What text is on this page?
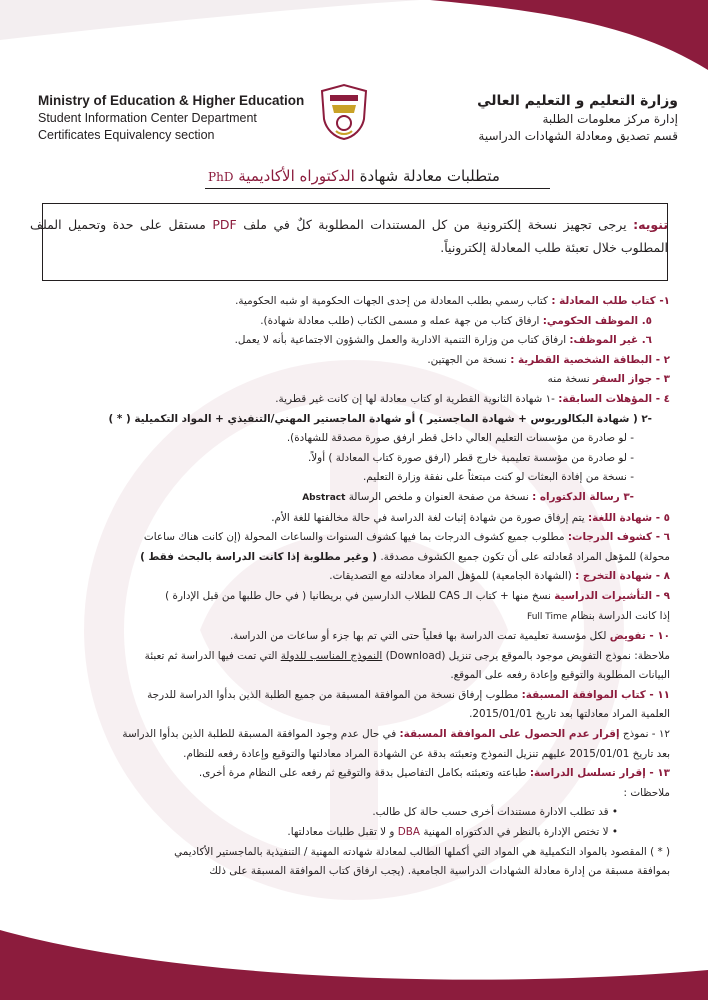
Ministry of Education & Higher Education
Student Information Center Department
Certificates Equivalency section
وزارة التعليم و التعليم العالي
إدارة مركز معلومات الطلبة
قسم تصديق ومعادلة الشهادات الدراسية
متطلبات معادلة شهادة الدكتوراه الأكاديمية PhD
تنويه: يرجى تجهيز نسخة إلكترونية من كل المستندات المطلوبة كلٌ في ملف PDF مستقل على حدة وتحميل الملف المطلوب خلال تعبئة طلب المعادلة إلكترونياً.
١- كتاب طلب المعادلة : كتاب رسمي بطلب المعادلة من إحدى الجهات الحكومية او شبه الحكومية.
٥. الموظف الحكومي: ارفاق كتاب من جهة عمله و مسمى الكتاب (طلب معادلة شهادة).
٦. غير الموظف: ارفاق كتاب من وزارة التنمية الادارية والعمل والشؤون الاجتماعية بأنه لا يعمل.
٢ - البطاقة الشخصية القطرية : نسخة من الجهتين.
٣ - جواز السفر نسخة منه
٤ - المؤهلات السابقة: -١ شهادة الثانوية القطرية او كتاب معادلة لها إن كانت غير قطرية.
-٢ ( شهادة البكالوريوس + شهادة الماجستير ) أو شهادة الماجستير المهني/التنفيذي + المواد التكميلية ( * )
- لو صادرة من مؤسسات التعليم العالي داخل قطر ارفق صورة مصدقة للشهادة).
- لو صادرة من مؤسسة تعليمية خارج قطر (ارفق صورة كتاب المعادلة ) أولاً.
- نسخة من إفادة البعثات لو كنت مبتعثاً على نفقة وزارة التعليم.
-٣ رسالة الدكتوراه : نسخة من صفحة العنوان و ملخص الرسالة Abstract
٥ - شهادة اللغة: يتم إرفاق صورة من شهادة إثبات لغة الدراسة في حالة مخالفتها للغة الأم.
٦ - كشوف الدرجات: مطلوب جميع كشوف الدرجات بما فيها كشوف السنوات والساعات المحولة (إن كانت هناك ساعات
محولة) للمؤهل المراد مُعادلته على أن تكون جميع الكشوف مصدقة. ( وغير مطلوبة إذا كانت الدراسة بالبحث فقط )
٨ - شهادة التخرج : (الشهادة الجامعية) للمؤهل المراد معادلته مع التصديقات.
٩ - التأشيرات الدراسية نسخ منها + كتاب الـ CAS للطلاب الدارسين في بريطانيا ( في حال طلبها من قبل الإدارة )
إذا كانت الدراسة بنظام Full Time
١٠ - تفويض لكل مؤسسة تعليمية تمت الدراسة بها فعلياً حتى التي تم بها جزء أو ساعات من الدراسة.
ملاحظة: نموذج التفويض موجود بالموقع يرجى تنزيل (Download) النموذج المناسب للدولة التي تمت فيها الدراسة ثم تعبئة
البيانات المطلوبة والتوقيع وإعادة رفعه على الموقع.
١١ - كتاب الموافقة المسبقة: مطلوب إرفاق نسخة من الموافقة المسبقة من جميع الطلبة الذين بدأوا الدراسة للدرجة
العلمية المراد معادلتها بعد تاريخ 2015/01/01.
١٢ - نموذج إقرار عدم الحصول على الموافقة المسبقة: في حال عدم وجود الموافقة المسبقة للطلبة الذين بدأوا الدراسة
بعد تاريخ 2015/01/01 عليهم تنزيل النموذج وتعبئته بدقة عن الشهادة المراد معادلتها والتوقيع وإعادة رفعه للنظام.
١٣ - إقرار تسلسل الدراسة: طباعته وتعبئته بكامل التفاصيل بدقة والتوقيع ثم رفعه على النظام مرة أخرى.
ملاحظات :
• قد تطلب الادارة مستندات أخرى حسب حالة كل طالب.
• لا تختص الإدارة بالنظر في الدكتوراه المهنية DBA و لا تقبل طلبات معادلتها.
( * ) المقصود بالمواد التكميلية هي المواد التي أكملها الطالب لمعادلة شهادته المهنية / التنفيذية بالماجستير الأكاديمي
بموافقة مسبقة من إدارة معادلة الشهادات الدراسية الجامعية. (يجب ارفاق كتاب الموافقة المسبقة على ذلك
